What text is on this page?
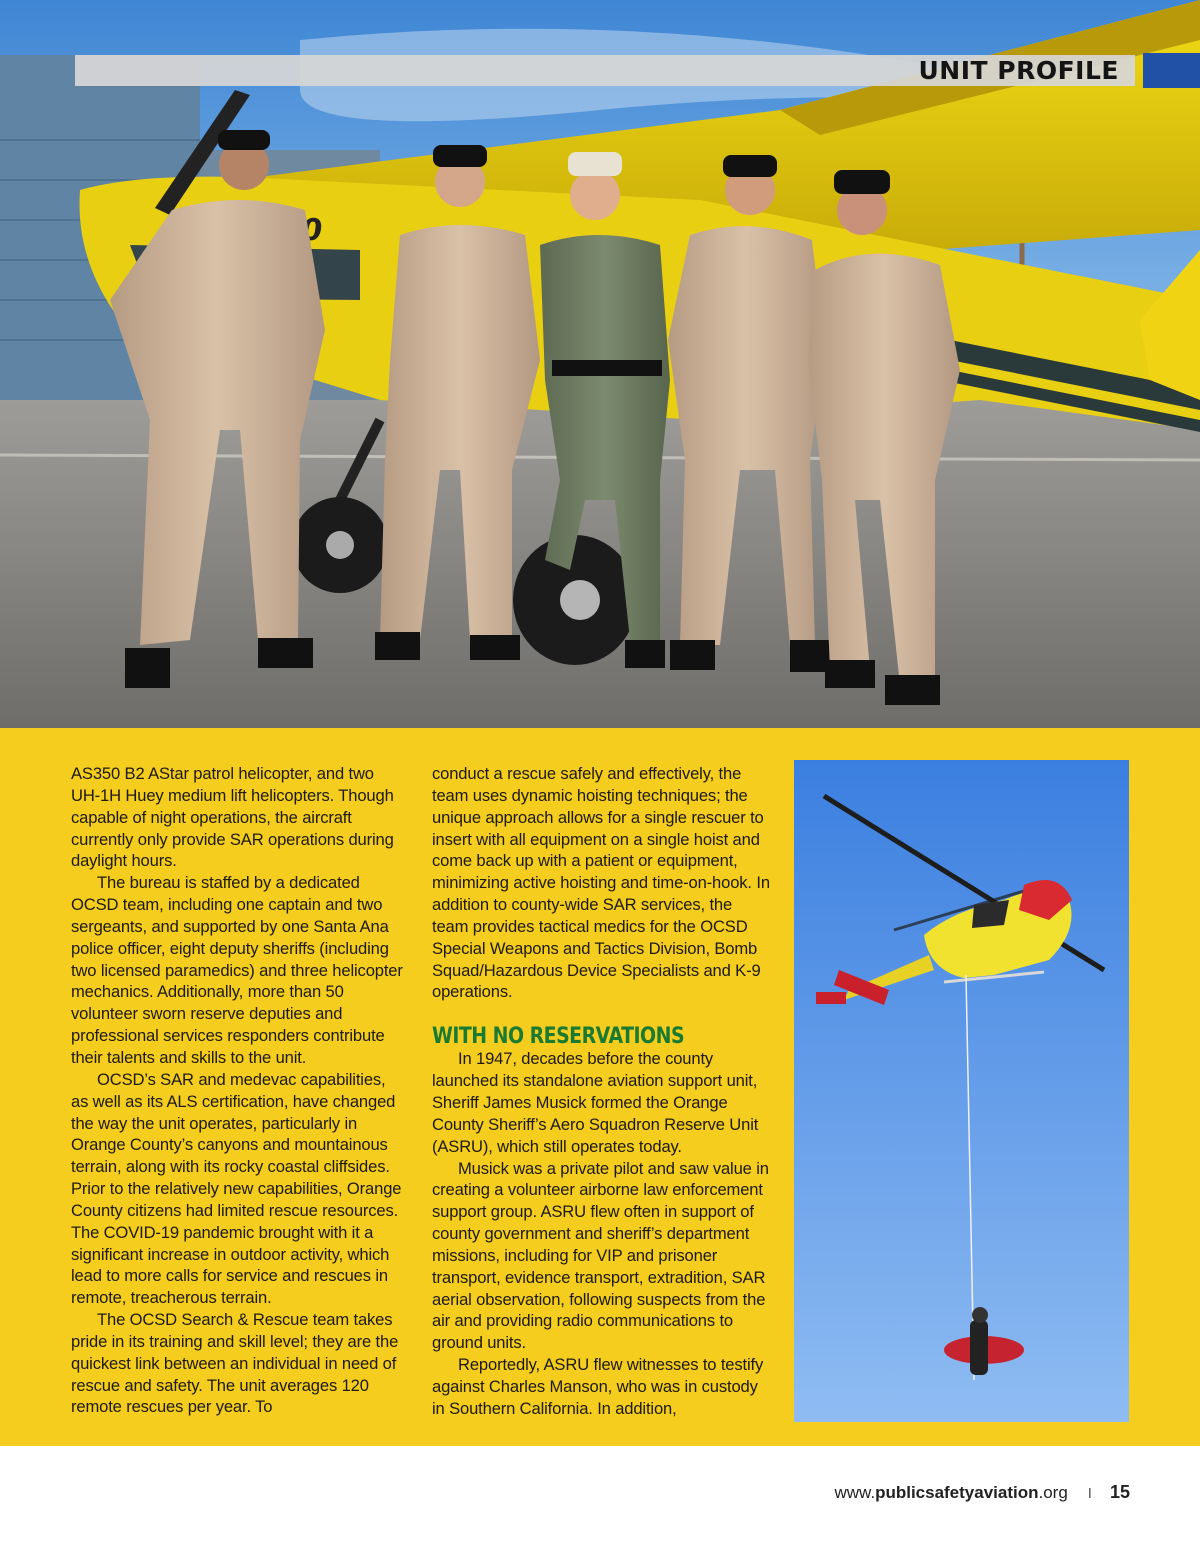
UNIT PROFILE

AS350 B2 AStar patrol helicopter, and two UH-1H Huey medium lift helicopters. Though capable of night operations, the aircraft currently only provide SAR operations during daylight hours.

The bureau is staffed by a dedicated OCSD team, including one captain and two sergeants, and supported by one Santa Ana police officer, eight deputy sheriffs (including two licensed paramedics) and three helicopter mechanics. Additionally, more than 50 volunteer sworn reserve deputies and professional services responders contribute their talents and skills to the unit.

OCSD’s SAR and medevac capabilities, as well as its ALS certification, have changed the way the unit operates, particularly in Orange County’s canyons and mountainous terrain, along with its rocky coastal cliffsides. Prior to the relatively new capabilities, Orange County citizens had limited rescue resources. The COVID-19 pandemic brought with it a significant increase in outdoor activity, which lead to more calls for service and rescues in remote, treacherous terrain.

The OCSD Search & Rescue team takes pride in its training and skill level; they are the quickest link between an individual in need of rescue and safety. The unit averages 120 remote rescues per year. To

conduct a rescue safely and effectively, the team uses dynamic hoisting techniques; the unique approach allows for a single rescuer to insert with all equipment on a single hoist and come back up with a patient or equipment, minimizing active hoisting and time-on-hook. In addition to county-wide SAR services, the team provides tactical medics for the OCSD Special Weapons and Tactics Division, Bomb Squad/Hazardous Device Specialists and K-9 operations.

WITH NO RESERVATIONS

In 1947, decades before the county launched its standalone aviation support unit, Sheriff James Musick formed the Orange County Sheriff’s Aero Squadron Reserve Unit (ASRU), which still operates today.

Musick was a private pilot and saw value in creating a volunteer airborne law enforcement support group. ASRU flew often in support of county government and sheriff’s department missions, including for VIP and prisoner transport, evidence transport, extradition, SAR aerial observation, following suspects from the air and providing radio communications to ground units.

Reportedly, ASRU flew witnesses to testify against Charles Manson, who was in custody in Southern California. In addition,

www. publicsafetyaviation .org I 15
